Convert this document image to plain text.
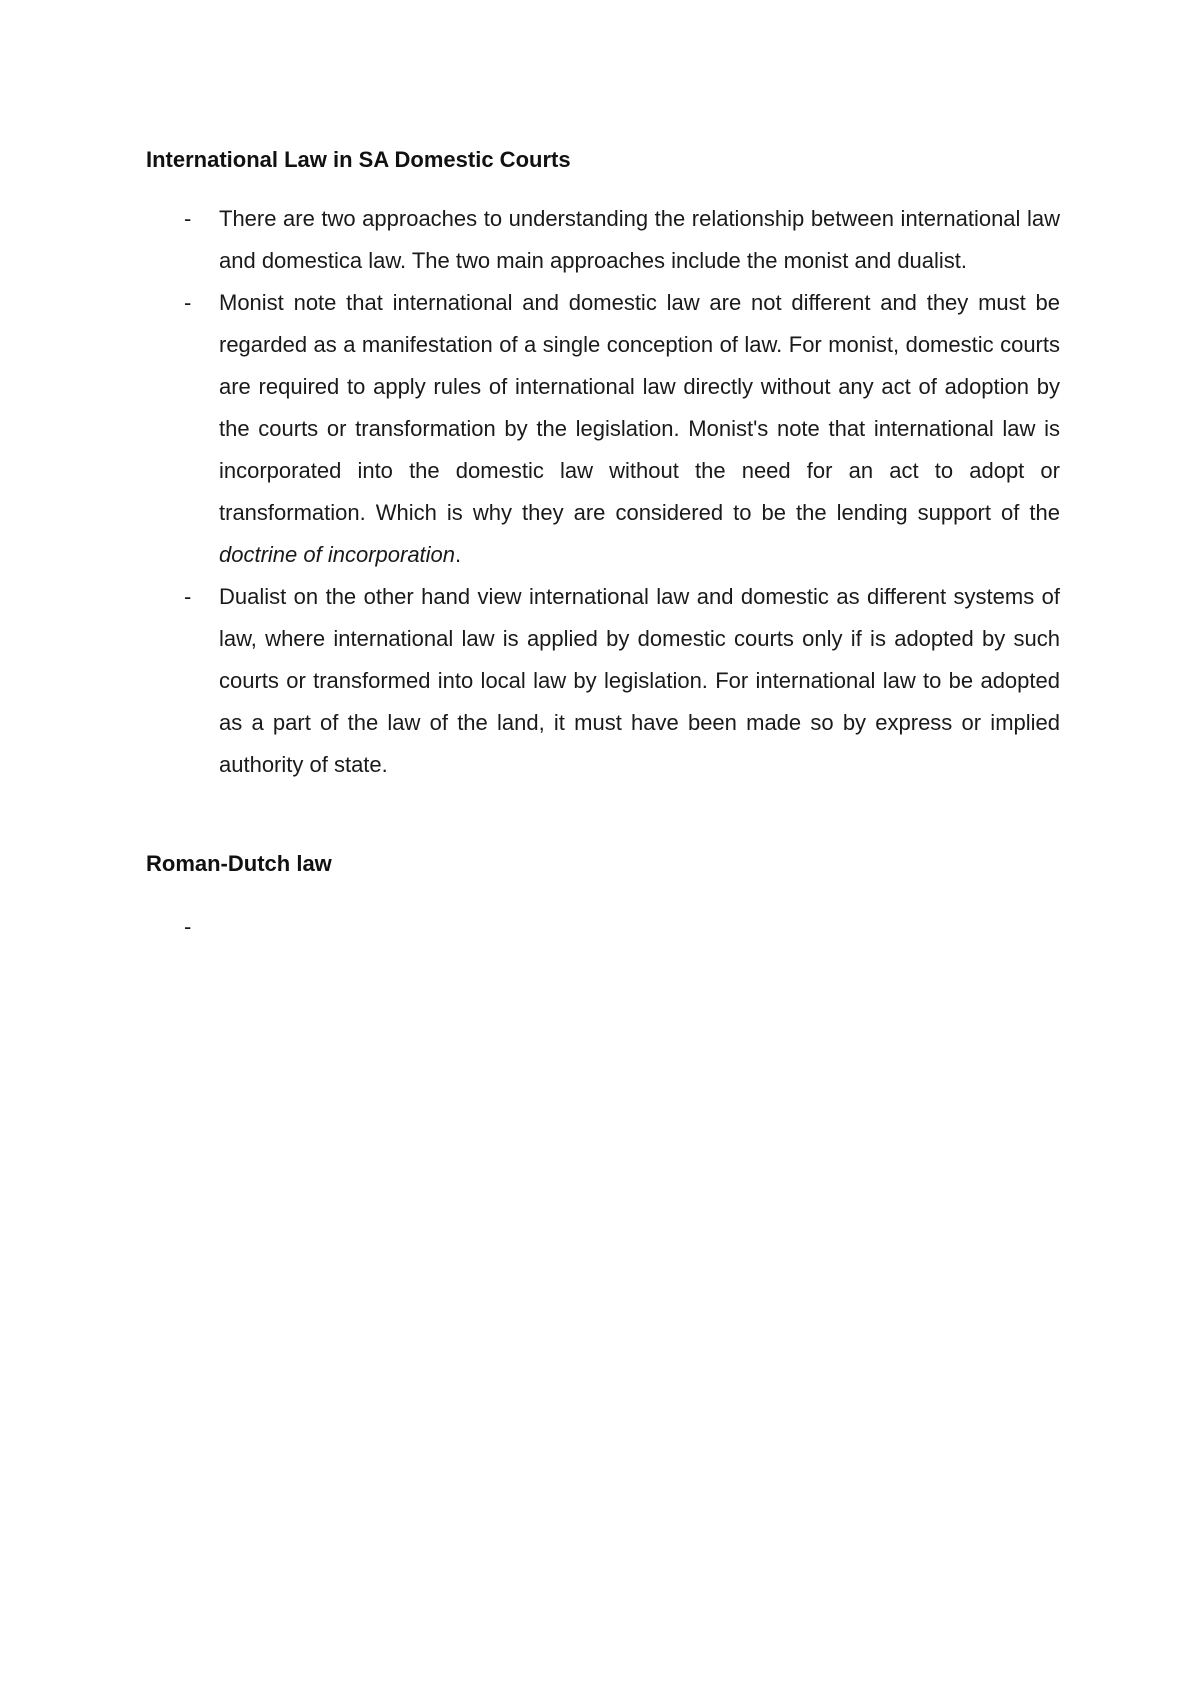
International Law in SA Domestic Courts
- There are two approaches to understanding the relationship between international law and domestica law. The two main approaches include the monist and dualist.
- Monist note that international and domestic law are not different and they must be regarded as a manifestation of a single conception of law. For monist, domestic courts are required to apply rules of international law directly without any act of adoption by the courts or transformation by the legislation. Monist's note that international law is incorporated into the domestic law without the need for an act to adopt or transformation. Which is why they are considered to be the lending support of the doctrine of incorporation.
- Dualist on the other hand view international law and domestic as different systems of law, where international law is applied by domestic courts only if is adopted by such courts or transformed into local law by legislation. For international law to be adopted as a part of the law of the land, it must have been made so by express or implied authority of state.
Roman-Dutch law
-
